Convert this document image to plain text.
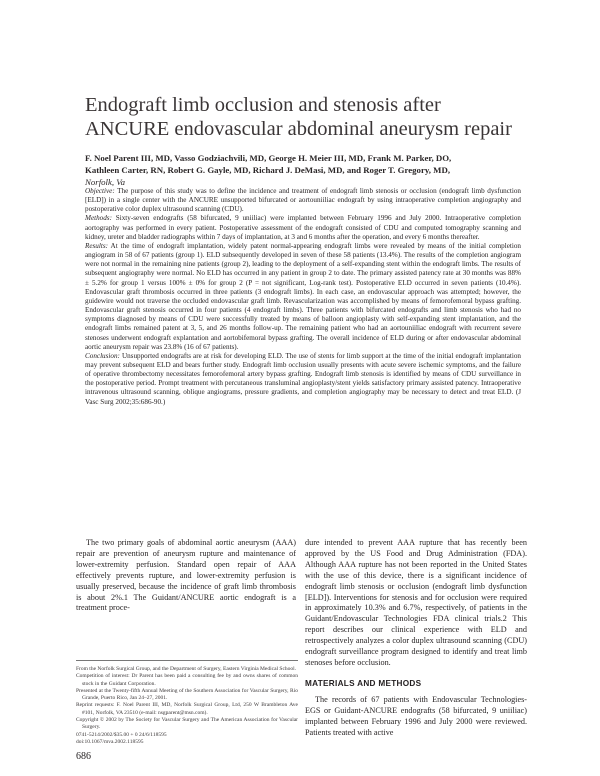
Endograft limb occlusion and stenosis after
ANCURE endovascular abdominal aneurysm repair
F. Noel Parent III, MD, Vasso Godziachvili, MD, George H. Meier III, MD, Frank M. Parker, DO,
Kathleen Carter, RN, Robert G. Gayle, MD, Richard J. DeMasi, MD, and Roger T. Gregory, MD,
Norfolk, Va

Objective: The purpose of this study was to define the incidence and treatment of endograft limb stenosis or occlusion (endograft limb dysfunction [ELD]) in a single center with the ANCURE unsupported bifurcated or aortouniiliac endograft by using intraoperative completion angiography and postoperative color duplex ultrasound scanning (CDU).

Methods: Sixty-seven endografts (58 bifurcated, 9 uniiliac) were implanted between February 1996 and July 2000. Intraoperative completion aortography was performed in every patient. Postoperative assessment of the endograft consisted of CDU and computed tomography scanning and kidney, ureter and bladder radiographs within 7 days of implantation, at 3 and 6 months after the operation, and every 6 months thereafter.

Results: At the time of endograft implantation, widely patent normal-appearing endograft limbs were revealed by means of the initial completion angiogram in 58 of 67 patients (group 1). ELD subsequently developed in seven of these 58 patients (13.4%). The results of the completion angiogram were not normal in the remaining nine patients (group 2), leading to the deployment of a self-expanding stent within the endograft limbs. The results of subsequent angiography were normal. No ELD has occurred in any patient in group 2 to date. The primary assisted patency rate at 30 months was 88% ± 5.2% for group 1 versus 100% ± 0% for group 2 (P = not significant, Log-rank test). Postoperative ELD occurred in seven patients (10.4%). Endovascular graft thrombosis occurred in three patients (3 endograft limbs). In each case, an endovascular approach was attempted; however, the guidewire would not traverse the occluded endovascular graft limb. Revascularization was accomplished by means of femorofemoral bypass grafting. Endovascular graft stenosis occurred in four patients (4 endograft limbs). Three patients with bifurcated endografts and limb stenosis who had no symptoms diagnosed by means of CDU were successfully treated by means of balloon angioplasty with self-expanding stent implantation, and the endograft limbs remained patent at 3, 5, and 26 months follow-up. The remaining patient who had an aortouniiliac endograft with recurrent severe stenoses underwent endograft explantation and aortobifemoral bypass grafting. The overall incidence of ELD during or after endovascular abdominal aortic aneurysm repair was 23.8% (16 of 67 patients).

Conclusion: Unsupported endografts are at risk for developing ELD. The use of stents for limb support at the time of the initial endograft implantation may prevent subsequent ELD and bears further study. Endograft limb occlusion usually presents with acute severe ischemic symptoms, and the failure of operative thrombectomy necessitates femorofemoral artery bypass grafting. Endograft limb stenosis is identified by means of CDU surveillance in the postoperative period. Prompt treatment with percutaneous transluminal angioplasty/stent yields satisfactory primary assisted patency. Intraoperative intravenous ultrasound scanning, oblique angiograms, pressure gradients, and completion angiography may be necessary to detect and treat ELD. (J Vasc Surg 2002;35:686-90.)

The two primary goals of abdominal aortic aneurysm (AAA) repair are prevention of aneurysm rupture and maintenance of lower-extremity perfusion. Standard open repair of AAA effectively prevents rupture, and lower-extremity perfusion is usually preserved, because the incidence of graft limb thrombosis is about 2%.1 The Guidant/ANCURE aortic endograft is a treatment proce-

From the Norfolk Surgical Group, and the Department of Surgery, Eastern Virginia Medical School.
Competition of interest: Dr Parent has been paid a consulting fee by and owns shares of common stock in the Guidant Corporation.
Presented at the Twenty-fifth Annual Meeting of the Southern Association for Vascular Surgery, Rio Grande, Puerto Rico, Jan 24–27, 2001.
Reprint requests: F. Noel Parent III, MD, Norfolk Surgical Group, Ltd, 250 W Brambleton Ave #101, Norfolk, VA 23510 (e-mail: nsgparent@msn.com).
Copyright © 2002 by The Society for Vascular Surgery and The American Association for Vascular Surgery.
0741-5214/2002/$35.00 + 0 24/6/118595
doi:10.1067/mva.2002.118595

dure intended to prevent AAA rupture that has recently been approved by the US Food and Drug Administration (FDA). Although AAA rupture has not been reported in the United States with the use of this device, there is a significant incidence of endograft limb stenosis or occlusion (endograft limb dysfunction [ELD]). Interventions for stenosis and for occlusion were required in approximately 10.3% and 6.7%, respectively, of patients in the Guidant/Endovascular Technologies FDA clinical trials.2 This report describes our clinical experience with ELD and retrospectively analyzes a color duplex ultrasound scanning (CDU) endograft surveillance program designed to identify and treat limb stenoses before occlusion.

MATERIALS AND METHODS

The records of 67 patients with Endovascular Technologies-EGS or Guidant-ANCURE endografts (58 bifurcated, 9 uniiliac) implanted between February 1996 and July 2000 were reviewed. Patients treated with active

686
